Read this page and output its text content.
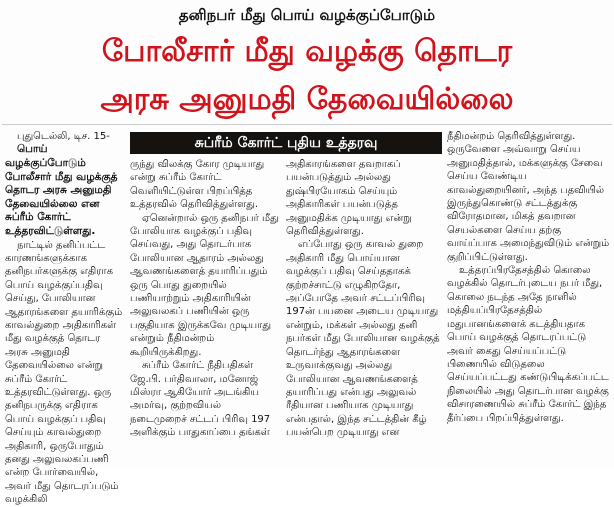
தனிநபர் மீது பொய் வழக்குப்போடும்
போலீசார் மீது வழக்கு தொடர
அரசு அனுமதி தேவையில்லை

புதுடெல்லி, டிச. 15-

பொய் வழக்குப்போடும் போலீசார் மீது வழக்குத் தொடர அரசு அனுமதி தேவையில்லை என சுப்ரீம் கோர்ட் உத்தரவிட்டுள்ளது.

நாட்டில் தனிப்பட்ட காரணங்களுக்காக தனிநபர்களுக்கு எதிராக பொய் வழக்குப்பதிவு செய்து, போலியான ஆதாரங்களை தயாரிக்கும் காவல்துறை அதிகாரிகள் மீது வழக்குத் தொடர அரசு அனுமதி தேவையில்லை என்று சுப்ரீம் கோர்ட் உத்தரவிட்டுள்ளது. ஒரு தனிநபருக்கு எதிராக பொய் வழக்குப் பதிவு செய்யும் காவல்துறை அதிகாரி, ஒருபோதும் தனது அலுவலகப்பணி என்ற போர்வையில், அவர் மீது தொடரப்படும் வழக்கிலி

சுப்ரீம் கோர்ட் புதிய உத்தரவு

ருந்து விலக்கு கோர முடியாது என்று சுப்ரீம் கோர்ட் வெளியிட்டுள்ள பிறப்பித்த உத்தரவில் தெரிவித்துள்ளது.

ஏனென்றால் ஒரு தனிநபர் மீது போலியாக வழக்குப் பதிவு செய்வது, அது தொடர்பாக போலியான ஆதாரம் அல்லது ஆவணங்களைத் தயாரிப்பதும் ஒரு பொது துறையில் பணியாற்றும் அதிகாரியின் அலுவலகப் பணியின் ஒரு பகுதியாக இருக்கவே முடியாது என்றும் நீதிமன்றம் கூறியிருக்கிறது.

சுப்ரீம் கோர்ட் நீதிபதிகள் ஜே.பி. பர்திவாலா, மனோஜ் மிஸ்ரா ஆகியோர் அடங்கிய அமர்வு, குற்றவியல் நடைமுறைச் சட்டப் பிரிவு 197 அளிக்கும் பாதுகாப்பை தங்கள்

அதிகாரங்களை தவறாகப் பயன்படுத்தும் அல்லது துஷ்பிரயோகம் செய்யும் அதிகாரிகள் பயன்படுத்த அனுமதிக்க முடியாது என்று தெரிவித்துள்ளது.

எப்போது ஒரு காவல் துறை அதிகாரி மீது பொய்யான வழக்குப் பதிவு செய்ததாகக் குற்றச்சாட்டு எழுகிறதோ, அப்போதே அவர் சட்டப்பிரிவு 197ன் பயனை அடைய முடியாது என்றும், மக்கள் அல்லது தனி நபர்கள் மீது போலியான வழக்குத் தொடர்ந்து ஆதாரங்களை உருவாக்குவது அல்லது போலியான ஆவணங்களைத் தயாரிப்பது என்பது அலுவல் ரீதியான பணியாக முடியாது என்பதால், இந்த சட்டத்தின் கீழ் பயன்பெற முடியாது என

நீதிமன்றம் தெரிவித்துள்ளது. ஒருவேளை அவ்வாறு செய்ய அனுமதித்தால், மக்களுக்கு சேவை செய்ய வேண்டிய காவல்துறையினர், அந்த பதவியில் இருந்துகொண்டு சட்டத்துக்கு விரோதமான, மிகத் தவறான செயல்களை செய்ய தற்கு வாய்ப்பாக அமைந்துவிடும் என்றும் குறிப்பிட்டுள்ளது.

உத்தரப்பிரதேசத்தில் கொலை வழக்கில் தொடர்புடைய நபர் மீது, கொலை நடந்த அதே நாளில் மத்தியப்பிரதேசத்தில் மதுபானங்களைக் கடத்தியதாக பொய் வழக்குத் தொடரப்பட்டு அவர் கைது செய்யப்பட்டு பிணையில் விடுதலை செய்யப்பட்டது கண்டுபிடிக்கப்பட்ட நிலையில் அது தொடர்பான வழக்கு விசாரணையில் சுப்ரீம் கோர்ட் இந்த தீர்ப்பை பிறப்பித்துள்ளது.
